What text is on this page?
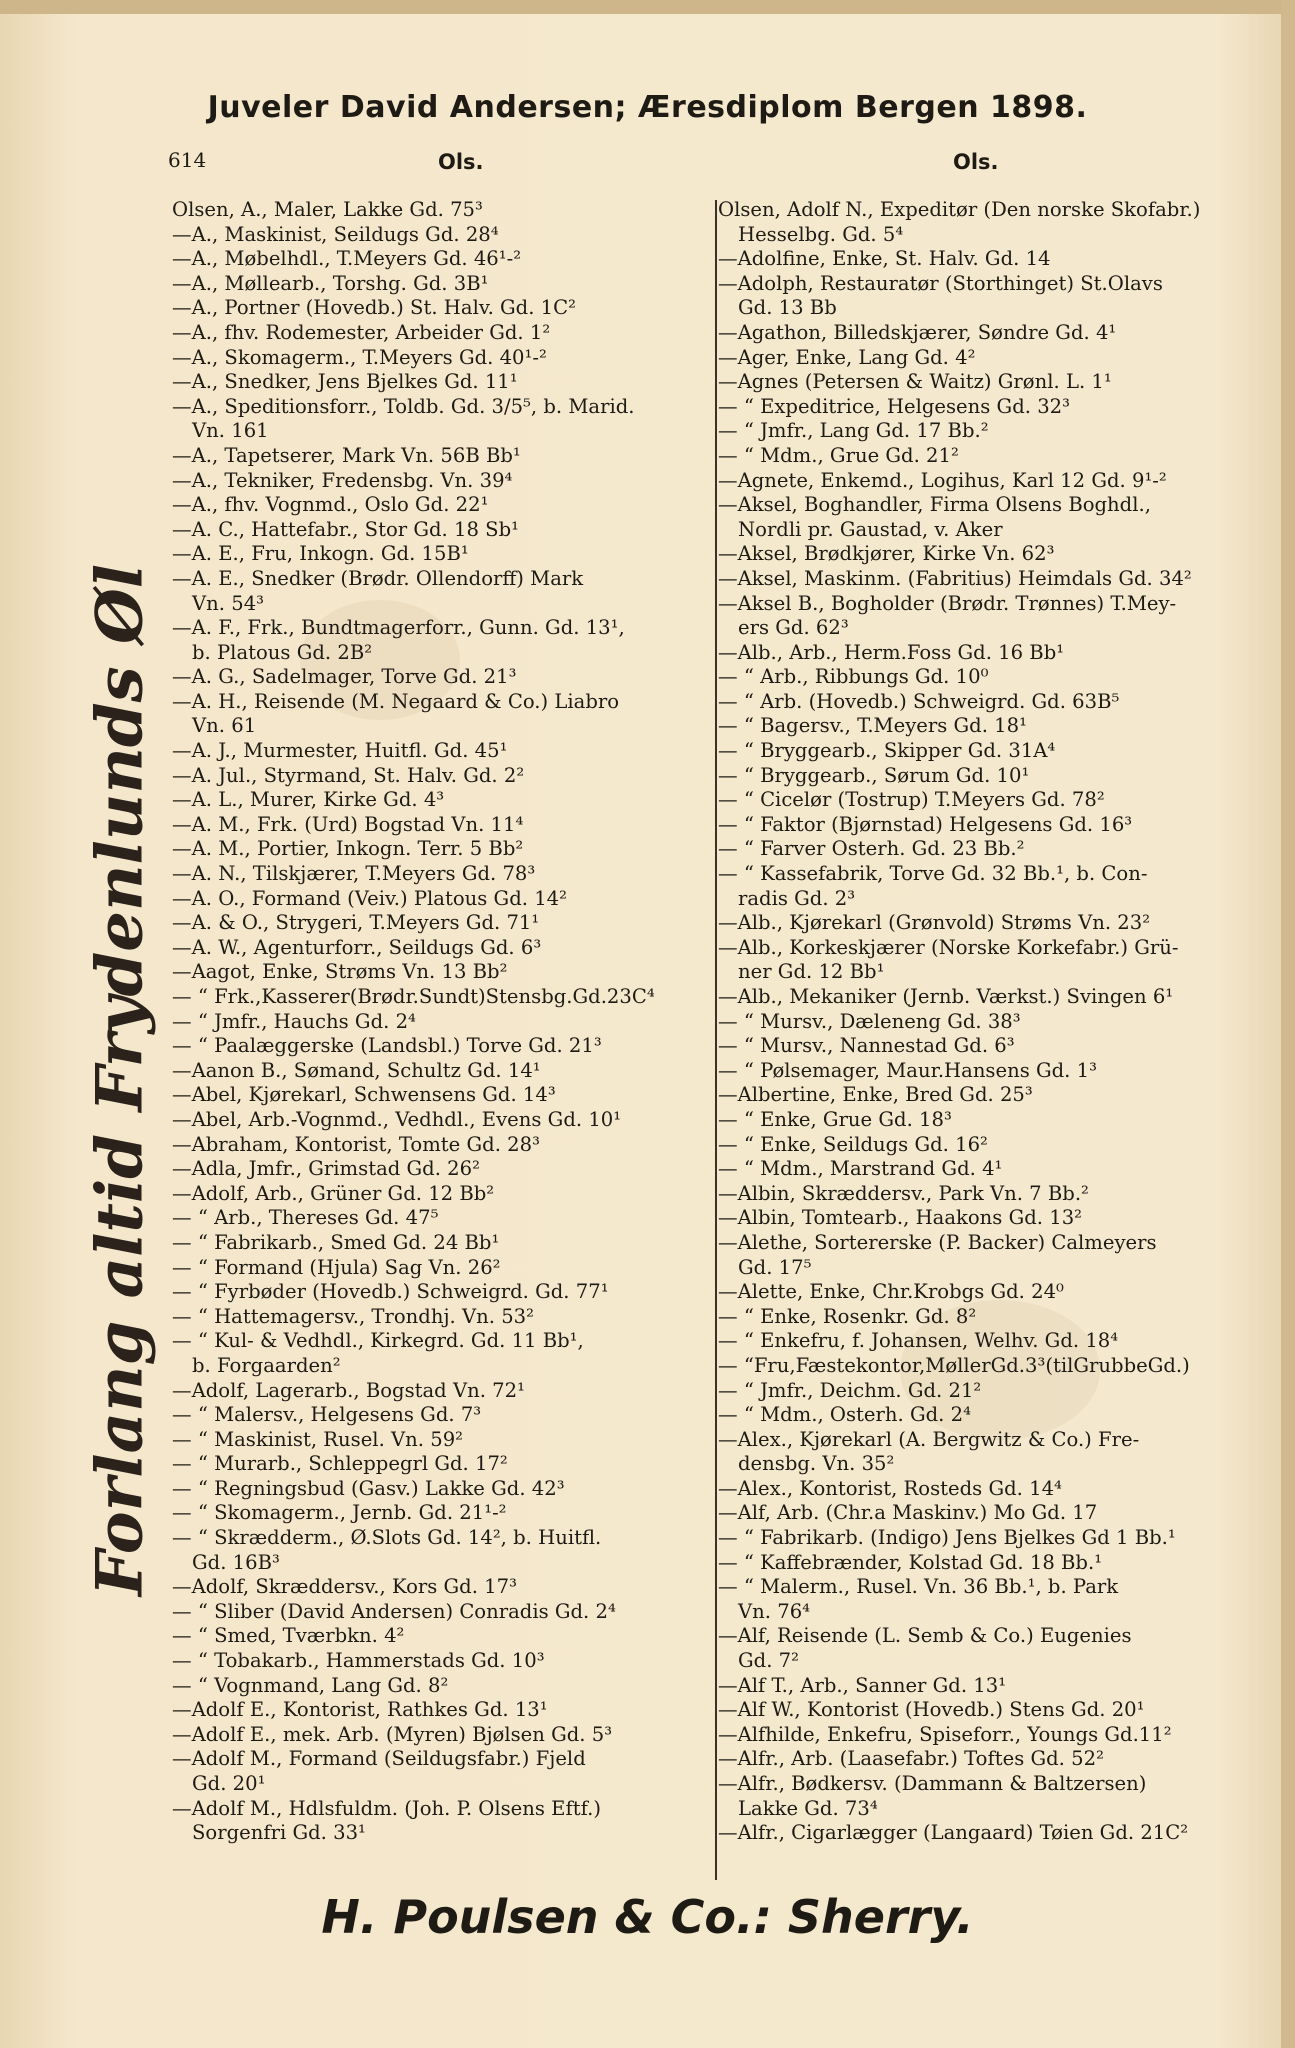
Juveler David Andersen; Æresdiplom Bergen 1898.
614	Ols.	Ols.
Forlang altid Frydenlunds Øl
Olsen, A., Maler, Lakke Gd. 75³
—A., Maskinist, Seildugs Gd. 28⁴
—A., Møbelhdl., T.Meyers Gd. 46¹-²
—A., Møllearb., Torshg. Gd. 3B¹
—A., Portner (Hovedb.) St. Halv. Gd. 1C²
—A., fhv. Rodemester, Arbeider Gd. 1²
—A., Skomagerm., T.Meyers Gd. 40¹-²
—A., Snedker, Jens Bjelkes Gd. 11¹
—A., Speditionsforr., Toldb. Gd. 3/5⁵, b. Marid.
Vn. 161
—A., Tapetserer, Mark Vn. 56B Bb¹
—A., Tekniker, Fredensbg. Vn. 39⁴
—A., fhv. Vognmd., Oslo Gd. 22¹
—A. C., Hattefabr., Stor Gd. 18 Sb¹
—A. E., Fru, Inkogn. Gd. 15B¹
—A. E., Snedker (Brødr. Ollendorff) Mark
Vn. 54³
—A. F., Frk., Bundtmagerforr., Gunn. Gd. 13¹,
b. Platous Gd. 2B²
—A. G., Sadelmager, Torve Gd. 21³
—A. H., Reisende (M. Negaard & Co.) Liabro
Vn. 61
—A. J., Murmester, Huitfl. Gd. 45¹
—A. Jul., Styrmand, St. Halv. Gd. 2²
—A. L., Murer, Kirke Gd. 4³
—A. M., Frk. (Urd) Bogstad Vn. 11⁴
—A. M., Portier, Inkogn. Terr. 5 Bb²
—A. N., Tilskjærer, T.Meyers Gd. 78³
—A. O., Formand (Veiv.) Platous Gd. 14²
—A. & O., Strygeri, T.Meyers Gd. 71¹
—A. W., Agenturforr., Seildugs Gd. 6³
—Aagot, Enke, Strøms Vn. 13 Bb²
— “ Frk.,Kasserer(Brødr.Sundt)Stensbg.Gd.23C⁴
— “ Jmfr., Hauchs Gd. 2⁴
— “ Paalæggerske (Landsbl.) Torve Gd. 21³
—Aanon B., Sømand, Schultz Gd. 14¹
—Abel, Kjørekarl, Schwensens Gd. 14³
—Abel, Arb.-Vognmd., Vedhdl., Evens Gd. 10¹
—Abraham, Kontorist, Tomte Gd. 28³
—Adla, Jmfr., Grimstad Gd. 26²
—Adolf, Arb., Grüner Gd. 12 Bb²
— “ Arb., Thereses Gd. 47⁵
— “ Fabrikarb., Smed Gd. 24 Bb¹
— “ Formand (Hjula) Sag Vn. 26²
— “ Fyrbøder (Hovedb.) Schweigrd. Gd. 77¹
— “ Hattemagersv., Trondhj. Vn. 53²
— “ Kul- & Vedhdl., Kirkegrd. Gd. 11 Bb¹,
b. Forgaarden²
—Adolf, Lagerarb., Bogstad Vn. 72¹
— “ Malersv., Helgesens Gd. 7³
— “ Maskinist, Rusel. Vn. 59²
— “ Murarb., Schleppegrl Gd. 17²
— “ Regningsbud (Gasv.) Lakke Gd. 42³
— “ Skomagerm., Jernb. Gd. 21¹-²
— “ Skrædderm., Ø.Slots Gd. 14², b. Huitfl.
Gd. 16B³
—Adolf, Skræddersv., Kors Gd. 17³
— “ Sliber (David Andersen) Conradis Gd. 2⁴
— “ Smed, Tværbkn. 4²
— “ Tobakarb., Hammerstads Gd. 10³
— “ Vognmand, Lang Gd. 8²
—Adolf E., Kontorist, Rathkes Gd. 13¹
—Adolf E., mek. Arb. (Myren) Bjølsen Gd. 5³
—Adolf M., Formand (Seildugsfabr.) Fjeld
Gd. 20¹
—Adolf M., Hdlsfuldm. (Joh. P. Olsens Eftf.)
Sorgenfri Gd. 33¹
Olsen, Adolf N., Expeditør (Den norske Skofabr.)
Hesselbg. Gd. 5⁴
—Adolfine, Enke, St. Halv. Gd. 14
—Adolph, Restauratør (Storthinget) St.Olavs
Gd. 13 Bb
—Agathon, Billedskjærer, Søndre Gd. 4¹
—Ager, Enke, Lang Gd. 4²
—Agnes (Petersen & Waitz) Grønl. L. 1¹
— “ Expeditrice, Helgesens Gd. 32³
— “ Jmfr., Lang Gd. 17 Bb.²
— “ Mdm., Grue Gd. 21²
—Agnete, Enkemd., Logihus, Karl 12 Gd. 9¹-²
—Aksel, Boghandler, Firma Olsens Boghdl.,
Nordli pr. Gaustad, v. Aker
—Aksel, Brødkjører, Kirke Vn. 62³
—Aksel, Maskinm. (Fabritius) Heimdals Gd. 34²
—Aksel B., Bogholder (Brødr. Trønnes) T.Mey-
ers Gd. 62³
—Alb., Arb., Herm.Foss Gd. 16 Bb¹
— “ Arb., Ribbungs Gd. 10⁰
— “ Arb. (Hovedb.) Schweigrd. Gd. 63B⁵
— “ Bagersv., T.Meyers Gd. 18¹
— “ Bryggearb., Skipper Gd. 31A⁴
— “ Bryggearb., Sørum Gd. 10¹
— “ Cicelør (Tostrup) T.Meyers Gd. 78²
— “ Faktor (Bjørnstad) Helgesens Gd. 16³
— “ Farver Osterh. Gd. 23 Bb.²
— “ Kassefabrik, Torve Gd. 32 Bb.¹, b. Con-
radis Gd. 2³
—Alb., Kjørekarl (Grønvold) Strøms Vn. 23²
—Alb., Korkeskjærer (Norske Korkefabr.) Grü-
ner Gd. 12 Bb¹
—Alb., Mekaniker (Jernb. Værkst.) Svingen 6¹
— “ Mursv., Dæleneng Gd. 38³
— “ Mursv., Nannestad Gd. 6³
— “ Pølsemager, Maur.Hansens Gd. 1³
—Albertine, Enke, Bred Gd. 25³
— “ Enke, Grue Gd. 18³
— “ Enke, Seildugs Gd. 16²
— “ Mdm., Marstrand Gd. 4¹
—Albin, Skræddersv., Park Vn. 7 Bb.²
—Albin, Tomtearb., Haakons Gd. 13²
—Alethe, Sortererske (P. Backer) Calmeyers
Gd. 17⁵
—Alette, Enke, Chr.Krobgs Gd. 24⁰
— “ Enke, Rosenkr. Gd. 8²
— “ Enkefru, f. Johansen, Welhv. Gd. 18⁴
— “Fru,Fæstekontor,MøllerGd.3³(tilGrubbeGd.)
— “ Jmfr., Deichm. Gd. 21²
— “ Mdm., Osterh. Gd. 2⁴
—Alex., Kjørekarl (A. Bergwitz & Co.) Fre-
densbg. Vn. 35²
—Alex., Kontorist, Rosteds Gd. 14⁴
—Alf, Arb. (Chr.a Maskinv.) Mo Gd. 17
— “ Fabrikarb. (Indigo) Jens Bjelkes Gd 1 Bb.¹
— “ Kaffebrænder, Kolstad Gd. 18 Bb.¹
— “ Malerm., Rusel. Vn. 36 Bb.¹, b. Park
Vn. 76⁴
—Alf, Reisende (L. Semb & Co.) Eugenies
Gd. 7²
—Alf T., Arb., Sanner Gd. 13¹
—Alf W., Kontorist (Hovedb.) Stens Gd. 20¹
—Alfhilde, Enkefru, Spiseforr., Youngs Gd.11²
—Alfr., Arb. (Laasefabr.) Toftes Gd. 52²
—Alfr., Bødkersv. (Dammann & Baltzersen)
Lakke Gd. 73⁴
—Alfr., Cigarlægger (Langaard) Tøien Gd. 21C²
H. Poulsen & Co.: Sherry.
